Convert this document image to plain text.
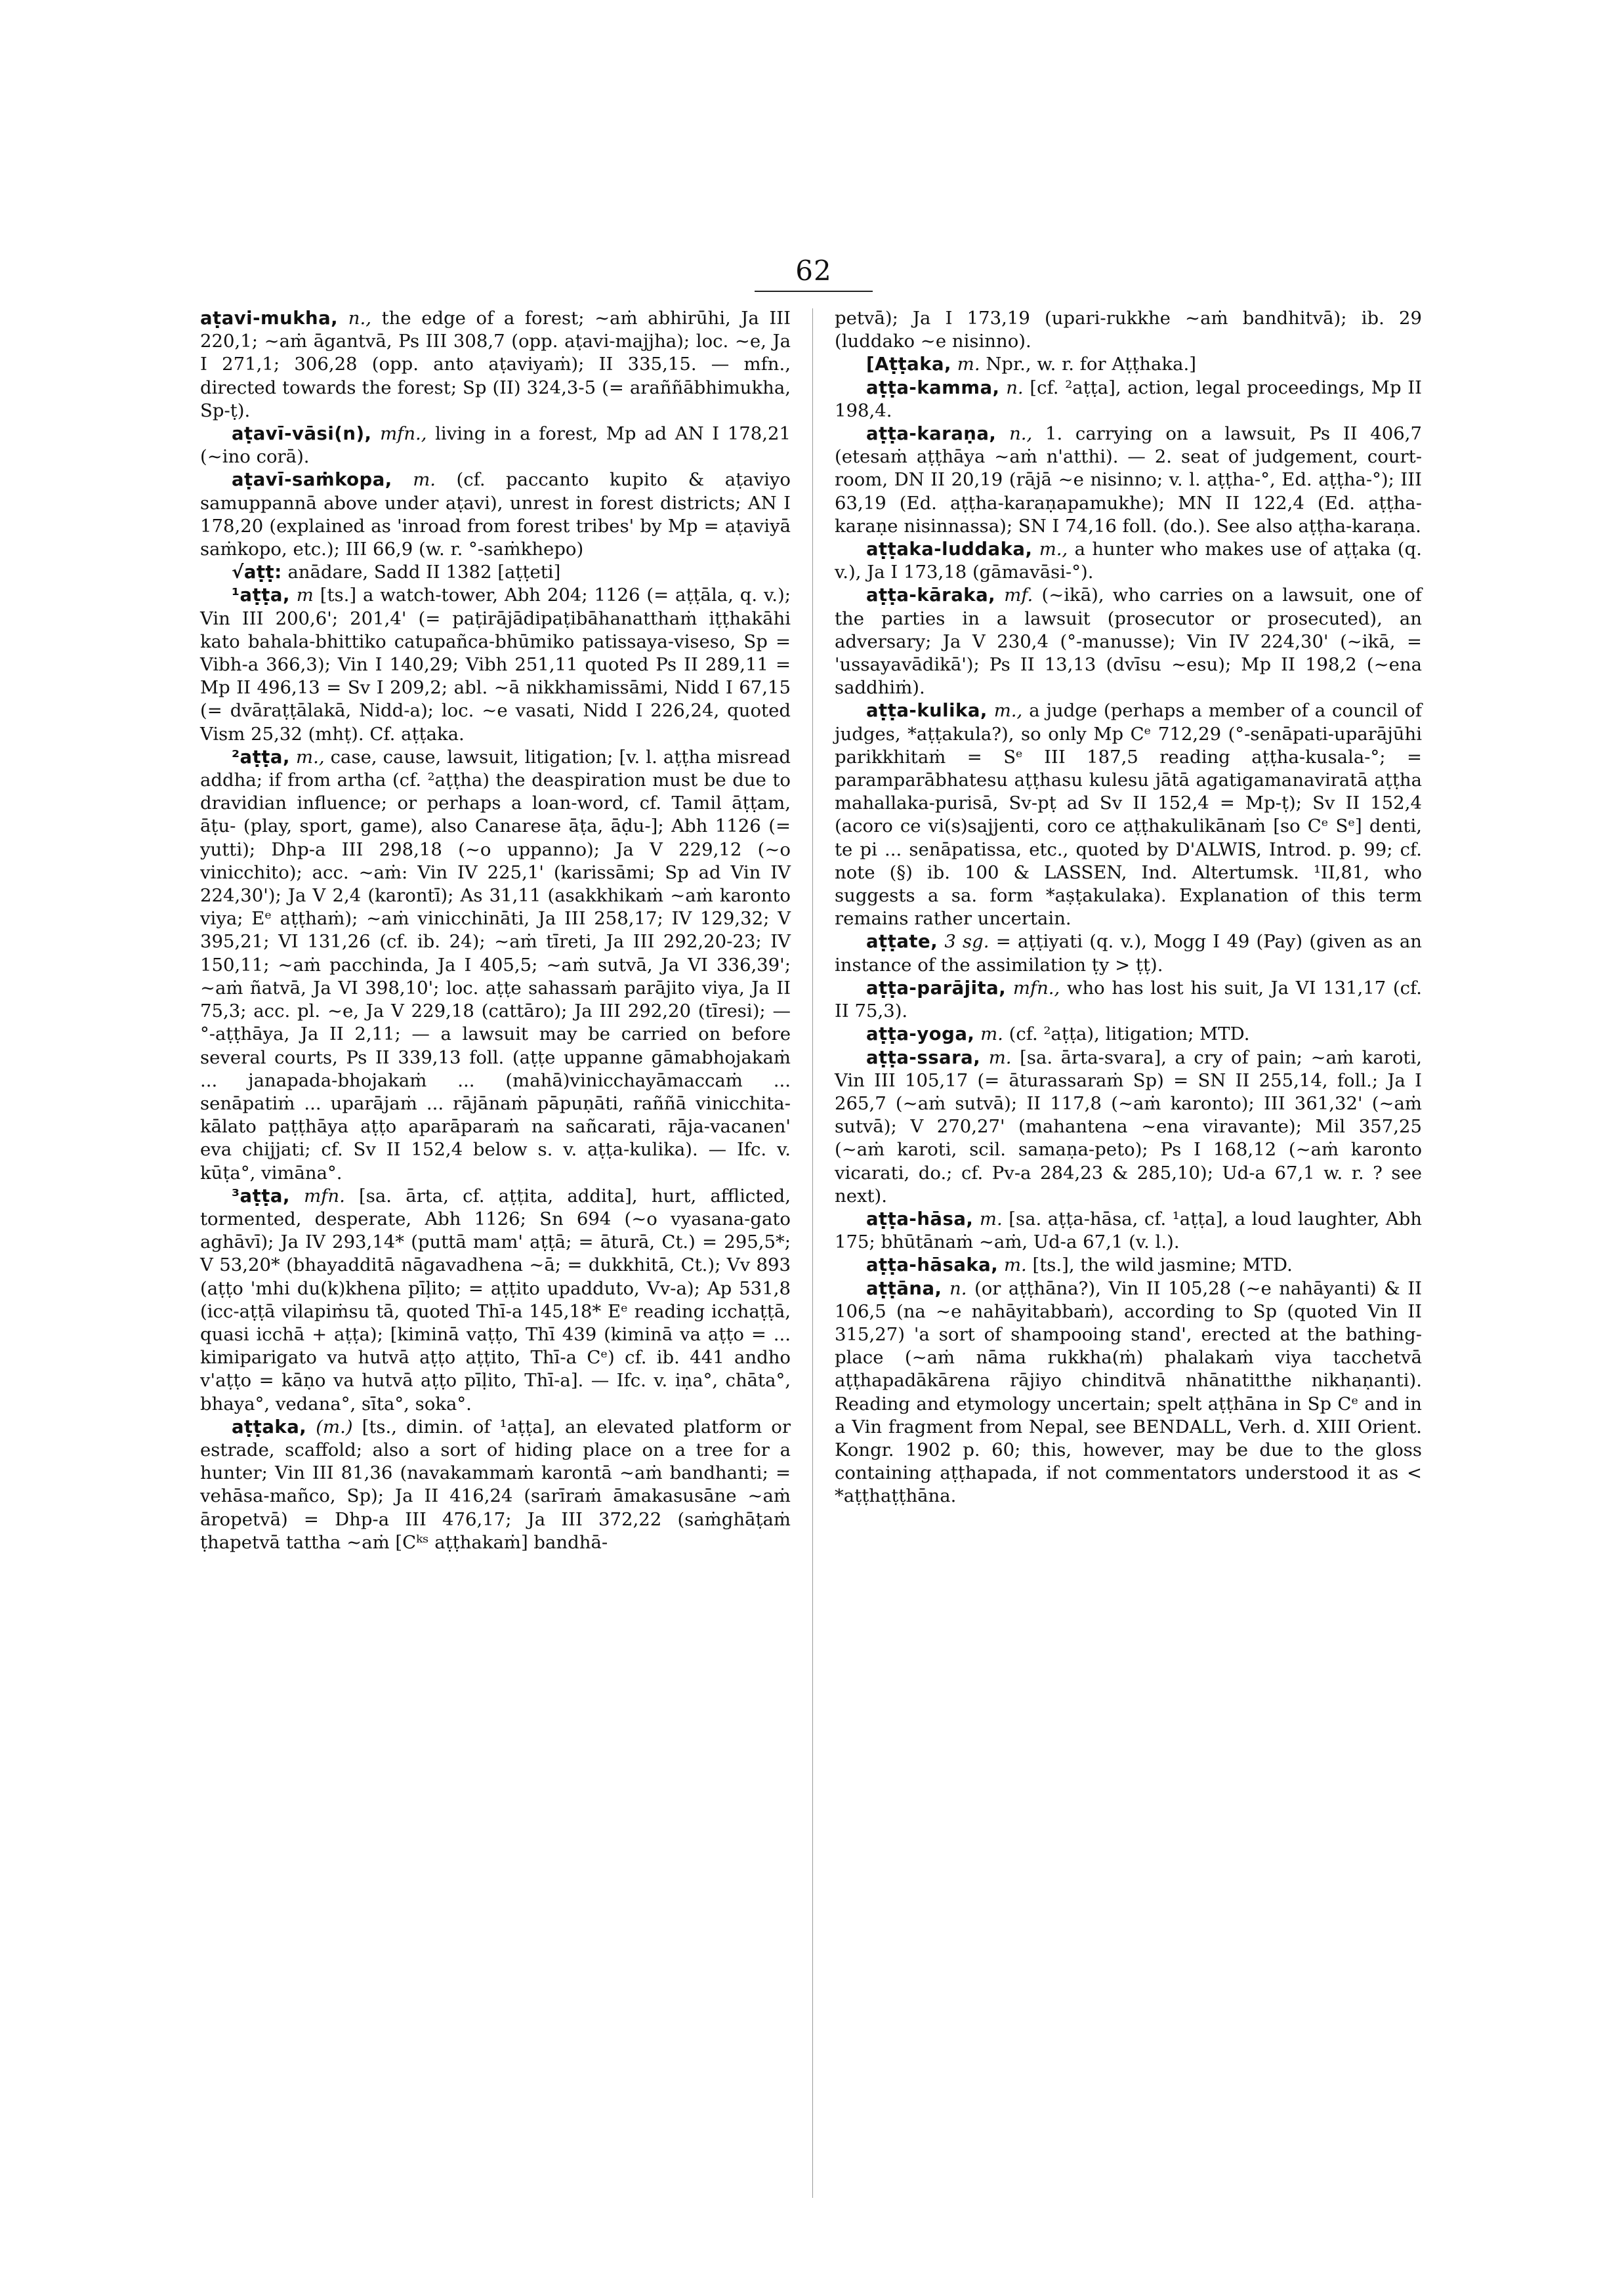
62

aṭavi-mukha, n., the edge of a forest; ~aṁ abhirūhi, Ja III 220,1; ~aṁ āgantvā, Ps III 308,7 (opp. aṭavi-majjha); loc. ~e, Ja I 271,1; 306,28 (opp. anto aṭaviyaṁ); II 335,15. — mfn., directed towards the forest; Sp (II) 324,3-5 (= araññābhimukha, Sp-ṭ).

aṭavī-vāsi(n), mfn., living in a forest, Mp ad AN I 178,21 (~ino corā).

aṭavī-saṁkopa, m. (cf. paccanto kupito & aṭaviyo samuppannā above under aṭavi), unrest in forest districts; AN I 178,20 (explained as 'inroad from forest tribes' by Mp = aṭaviyā saṁkopo, etc.); III 66,9 (w. r. °-saṁkhepo)

√aṭṭ: anādare, Sadd II 1382 [aṭṭeti]

¹aṭṭa, m [ts.] a watch-tower, Abh 204; 1126 (= aṭṭāla, q. v.); Vin III 200,6'; 201,4' (= paṭirājādipaṭibāhanatthaṁ iṭṭhakāhi kato bahala-bhittiko catupañca-bhūmiko patissaya-viseso, Sp = Vibh-a 366,3); Vin I 140,29; Vibh 251,11 quoted Ps II 289,11 = Mp II 496,13 = Sv I 209,2; abl. ~ā nikkhamissāmi, Nidd I 67,15 (= dvāraṭṭālakā, Nidd-a); loc. ~e vasati, Nidd I 226,24, quoted Vism 25,32 (mhṭ). Cf. aṭṭaka.

²aṭṭa, m., case, cause, lawsuit, litigation; [v. l. aṭṭha misread addha; if from artha (cf. ²aṭṭha) the deaspiration must be due to dravidian influence; or perhaps a loan-word, cf. Tamil āṭṭam, āṭu- (play, sport, game), also Canarese āṭa, āḍu-]; Abh 1126 (= yutti); Dhp-a III 298,18 (~o uppanno); Ja V 229,12 (~o vinicchito); acc. ~aṁ: Vin IV 225,1' (karissāmi; Sp ad Vin IV 224,30'); Ja V 2,4 (karontī); As 31,11 (asakkhikaṁ ~aṁ karonto viya; Eᵉ aṭṭhaṁ); ~aṁ vinicchināti, Ja III 258,17; IV 129,32; V 395,21; VI 131,26 (cf. ib. 24); ~aṁ tīreti, Ja III 292,20-23; IV 150,11; ~aṁ pacchinda, Ja I 405,5; ~aṁ sutvā, Ja VI 336,39'; ~aṁ ñatvā, Ja VI 398,10'; loc. aṭṭe sahassaṁ parājito viya, Ja II 75,3; acc. pl. ~e, Ja V 229,18 (cattāro); Ja III 292,20 (tīresi); — °-aṭṭhāya, Ja II 2,11; — a lawsuit may be carried on before several courts, Ps II 339,13 foll. (aṭṭe uppanne gāmabhojakaṁ ... janapada-bhojakaṁ ... (mahā)vinicchayāmaccaṁ ... senāpatiṁ ... uparājaṁ ... rājānaṁ pāpuṇāti, raññā vinicchita-kālato paṭṭhāya aṭṭo aparāparaṁ na sañcarati, rāja-vacanen' eva chijjati; cf. Sv II 152,4 below s. v. aṭṭa-kulika). — Ifc. v. kūṭa°, vimāna°.

³aṭṭa, mfn. [sa. ārta, cf. aṭṭita, addita], hurt, afflicted, tormented, desperate, Abh 1126; Sn 694 (~o vyasana-gato aghāvī); Ja IV 293,14* (puttā mam' aṭṭā; = āturā, Ct.) = 295,5*; V 53,20* (bhayadditā nāgavadhena ~ā; = dukkhitā, Ct.); Vv 893 (aṭṭo 'mhi du(k)khena pīḷito; = aṭṭito upadduto, Vv-a); Ap 531,8 (icc-aṭṭā vilapiṁsu tā, quoted Thī-a 145,18* Eᵉ reading icchaṭṭā, quasi icchā + aṭṭa); [kiminā vaṭṭo, Thī 439 (kiminā va aṭṭo = ... kimiparigato va hutvā aṭṭo aṭṭito, Thī-a Cᵉ) cf. ib. 441 andho v'aṭṭo = kāṇo va hutvā aṭṭo pīḷito, Thī-a]. — Ifc. v. iṇa°, chāta°, bhaya°, vedana°, sīta°, soka°.

aṭṭaka, (m.) [ts., dimin. of ¹aṭṭa], an elevated platform or estrade, scaffold; also a sort of hiding place on a tree for a hunter; Vin III 81,36 (navakammaṁ karontā ~aṁ bandhanti; = vehāsa-mañco, Sp); Ja II 416,24 (sarīraṁ āmakasusāne ~aṁ āropetvā) = Dhp-a III 476,17; Ja III 372,22 (saṁghāṭaṁ ṭhapetvā tattha ~aṁ [Cᵏˢ aṭṭhakaṁ] bandhā-

petvā); Ja I 173,19 (upari-rukkhe ~aṁ bandhitvā); ib. 29 (luddako ~e nisinno).

[Aṭṭaka, m. Npr., w. r. for Aṭṭhaka.]

aṭṭa-kamma, n. [cf. ²aṭṭa], action, legal proceedings, Mp II 198,4.

aṭṭa-karaṇa, n., 1. carrying on a lawsuit, Ps II 406,7 (etesaṁ aṭṭhāya ~aṁ n'atthi). — 2. seat of judgement, court-room, DN II 20,19 (rājā ~e nisinno; v. l. aṭṭha-°, Ed. aṭṭha-°); III 63,19 (Ed. aṭṭha-karaṇapamukhe); MN II 122,4 (Ed. aṭṭha-karaṇe nisinnassa); SN I 74,16 foll. (do.). See also aṭṭha-karaṇa.

aṭṭaka-luddaka, m., a hunter who makes use of aṭṭaka (q. v.), Ja I 173,18 (gāmavāsi-°).

aṭṭa-kāraka, mf. (~ikā), who carries on a lawsuit, one of the parties in a lawsuit (prosecutor or prosecuted), an adversary; Ja V 230,4 (°-manusse); Vin IV 224,30' (~ikā, = 'ussayavādikā'); Ps II 13,13 (dvīsu ~esu); Mp II 198,2 (~ena saddhiṁ).

aṭṭa-kulika, m., a judge (perhaps a member of a council of judges, *aṭṭakula?), so only Mp Cᵉ 712,29 (°-senāpati-uparājūhi parikkhitaṁ = Sᵉ III 187,5 reading aṭṭha-kusala-°; = paramparābhatesu aṭṭhasu kulesu jātā agatigamanaviratā aṭṭha mahallaka-purisā, Sv-pṭ ad Sv II 152,4 = Mp-ṭ); Sv II 152,4 (acoro ce vi(s)sajjenti, coro ce aṭṭhakulikānaṁ [so Cᵉ Sᵉ] denti, te pi ... senāpatissa, etc., quoted by D'ALWIS, Introd. p. 99; cf. note (§) ib. 100 & LASSEN, Ind. Altertumsk. ¹II,81, who suggests a sa. form *aṣṭakulaka). Explanation of this term remains rather uncertain.

aṭṭate, 3 sg. = aṭṭiyati (q. v.), Mogg I 49 (Pay) (given as an instance of the assimilation ṭy > ṭṭ).

aṭṭa-parājita, mfn., who has lost his suit, Ja VI 131,17 (cf. II 75,3).

aṭṭa-yoga, m. (cf. ²aṭṭa), litigation; MTD.

aṭṭa-ssara, m. [sa. ārta-svara], a cry of pain; ~aṁ karoti, Vin III 105,17 (= āturassaraṁ Sp) = SN II 255,14, foll.; Ja I 265,7 (~aṁ sutvā); II 117,8 (~aṁ karonto); III 361,32' (~aṁ sutvā); V 270,27' (mahantena ~ena viravante); Mil 357,25 (~aṁ karoti, scil. samaṇa-peto); Ps I 168,12 (~aṁ karonto vicarati, do.; cf. Pv-a 284,23 & 285,10); Ud-a 67,1 w. r. ? see next).

aṭṭa-hāsa, m. [sa. aṭṭa-hāsa, cf. ¹aṭṭa], a loud laughter, Abh 175; bhūtānaṁ ~aṁ, Ud-a 67,1 (v. l.).

aṭṭa-hāsaka, m. [ts.], the wild jasmine; MTD.

aṭṭāna, n. (or aṭṭhāna?), Vin II 105,28 (~e nahāyanti) & II 106,5 (na ~e nahāyitabbaṁ), according to Sp (quoted Vin II 315,27) 'a sort of shampooing stand', erected at the bathing-place (~aṁ nāma rukkha(ṁ) phalakaṁ viya tacchetvā aṭṭhapadākārena rājiyo chinditvā nhānatitthe nikhaṇanti). Reading and etymology uncertain; spelt aṭṭhāna in Sp Cᵉ and in a Vin fragment from Nepal, see BENDALL, Verh. d. XIII Orient. Kongr. 1902 p. 60; this, however, may be due to the gloss containing aṭṭhapada, if not commentators understood it as < *aṭṭhaṭṭhāna.
